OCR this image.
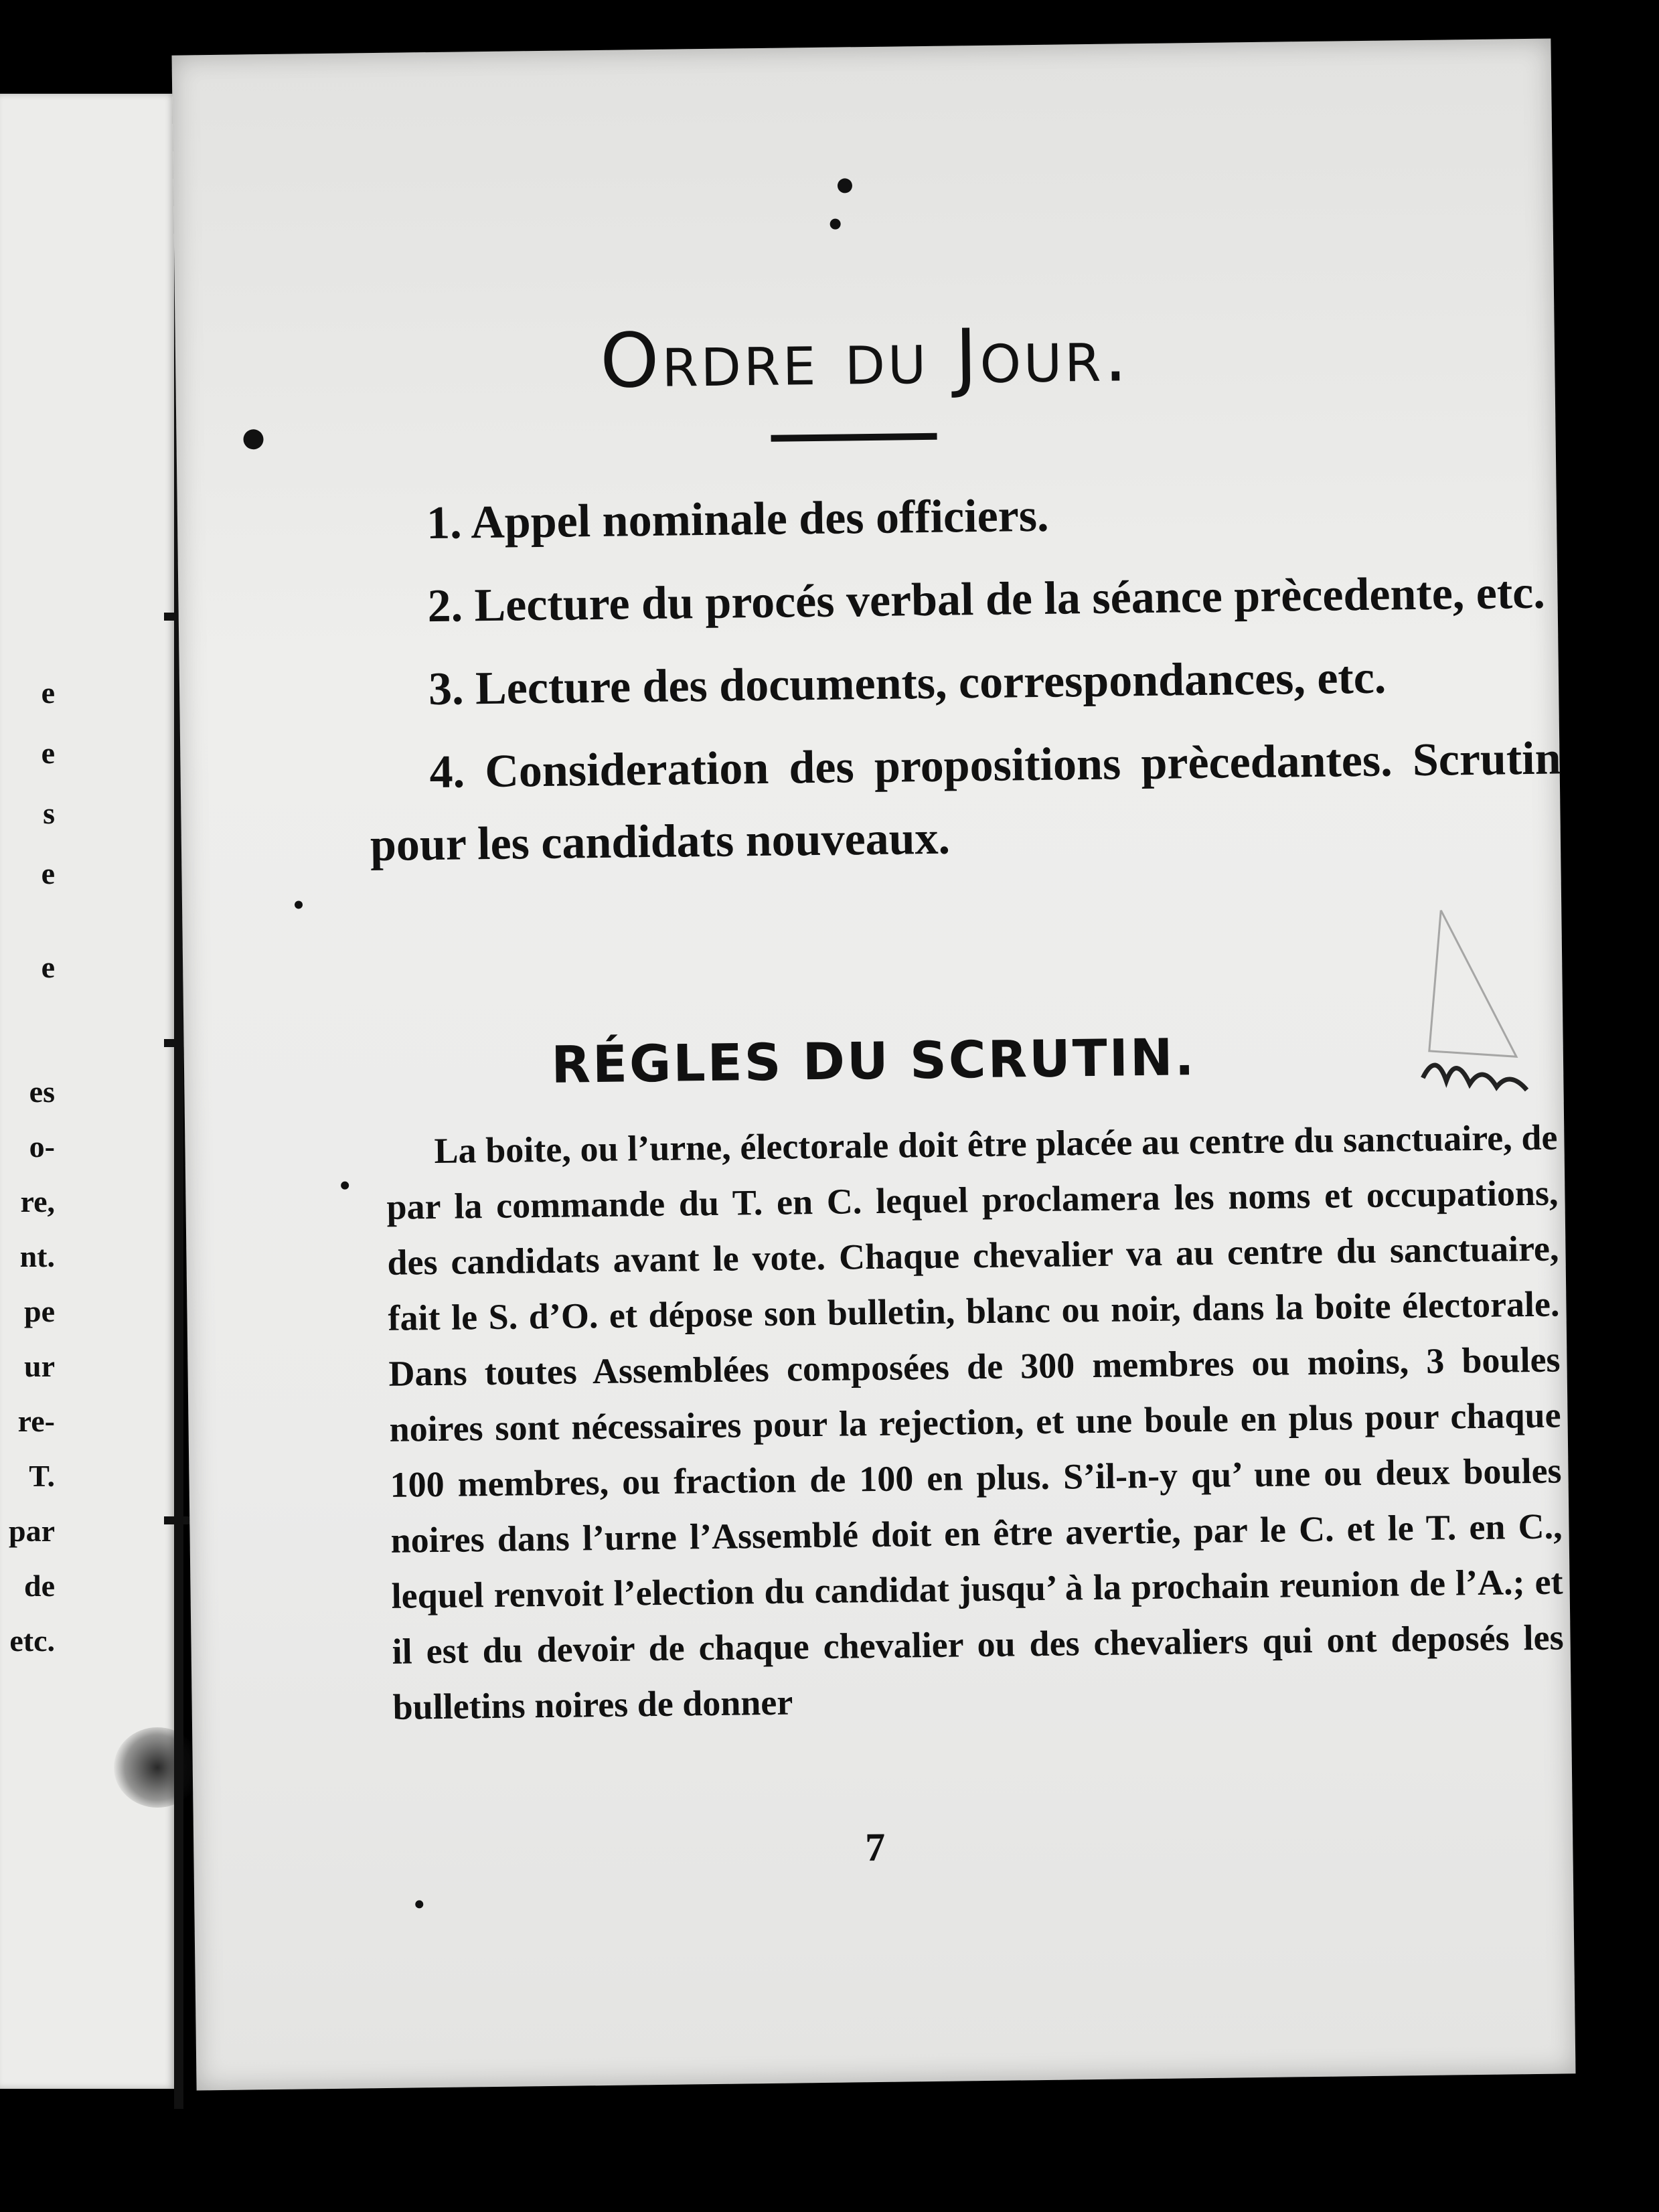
e
e
s
e
e
es
o-
re,
nt.
pe
ur
re-
T.
par
de
etc.
Ordre du Jour.
1. Appel nominale des officiers.
2. Lecture du procés verbal de la séance prècedente, etc.
3. Lecture des documents, correspondances, etc.
4. Consideration des propositions prècedantes. Scrutin pour les candidats nouveaux.
RÉGLES DU SCRUTIN.
La boite, ou l’urne, électorale doit être placée au centre du sanctuaire, de par la commande du T. en C. lequel proclamera les noms et occupations, des candidats avant le vote. Chaque chevalier va au centre du sanctuaire, fait le S. d’O. et dépose son bulletin, blanc ou noir, dans la boite électorale. Dans toutes Assemblées composées de 300 membres ou moins, 3 boules noires sont nécessaires pour la rejection, et une boule en plus pour chaque 100 membres, ou fraction de 100 en plus. S’il-n-y qu’ une ou deux boules noires dans l’urne l’Assemblé doit en être avertie, par le C. et le T. en C., lequel renvoit l’election du candidat jusqu’ à la prochain reunion de l’A.; et il est du devoir de chaque chevalier ou des chevaliers qui ont deposés les bulletins noires de donner
7
